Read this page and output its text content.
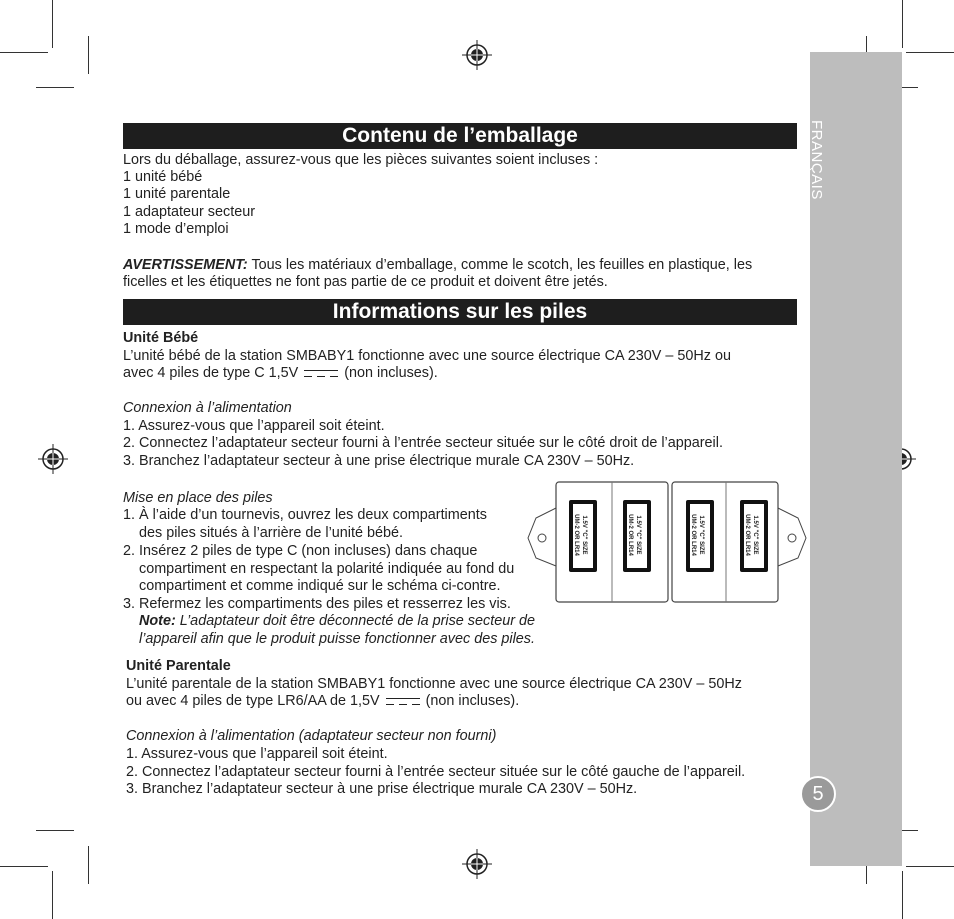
FRANÇAIS
5
Contenu de l’emballage
Lors du déballage, assurez-vous que les pièces suivantes soient incluses :
1 unité bébé
1 unité parentale
1 adaptateur secteur
1 mode d’emploi
AVERTISSEMENT: Tous les matériaux d’emballage, comme le scotch, les feuilles en plastique, les
ficelles et les étiquettes ne font pas partie de ce produit et doivent être jetés.
Informations sur les piles
Unité Bébé
L’unité bébé de la station SMBABY1 fonctionne avec une source électrique CA 230V – 50Hz ou
avec 4 piles de type C 1,5V	(non incluses).
Connexion à l’alimentation
1. Assurez-vous que l’appareil soit éteint.
2. Connectez l’adaptateur secteur fourni à l’entrée secteur située sur le côté droit de l’appareil.
3. Branchez l’adaptateur secteur à une prise électrique murale CA 230V – 50Hz.
Mise en place des piles
1. À l’aide d’un tournevis, ouvrez les deux compartiments
des piles situés à l’arrière de l’unité bébé.
2. Insérez 2 piles de type C (non incluses) dans chaque
compartiment en respectant la polarité indiquée au fond du
compartiment et comme indiqué sur le schéma ci-contre.
3. Refermez les compartiments des piles et resserrez les vis.
Note: L’adaptateur doit être déconnecté de la prise secteur de
l’appareil afin que le produit puisse fonctionner avec des piles.
1.5V "C" SIZE
UM-2 OR LR14	1.5V "C" SIZE
UM-2 OR LR14	1.5V "C" SIZE
UM-2 OR LR14	1.5V "C" SIZE
UM-2 OR LR14
Unité Parentale
L’unité parentale de la station SMBABY1 fonctionne avec une source électrique CA 230V – 50Hz
ou avec 4 piles de type LR6/AA de 1,5V	(non incluses).
Connexion à l’alimentation (adaptateur secteur non fourni)
1. Assurez-vous que l’appareil soit éteint.
2. Connectez l’adaptateur secteur fourni à l’entrée secteur située sur le côté gauche de l’appareil.
3. Branchez l’adaptateur secteur à une prise électrique murale CA 230V – 50Hz.
